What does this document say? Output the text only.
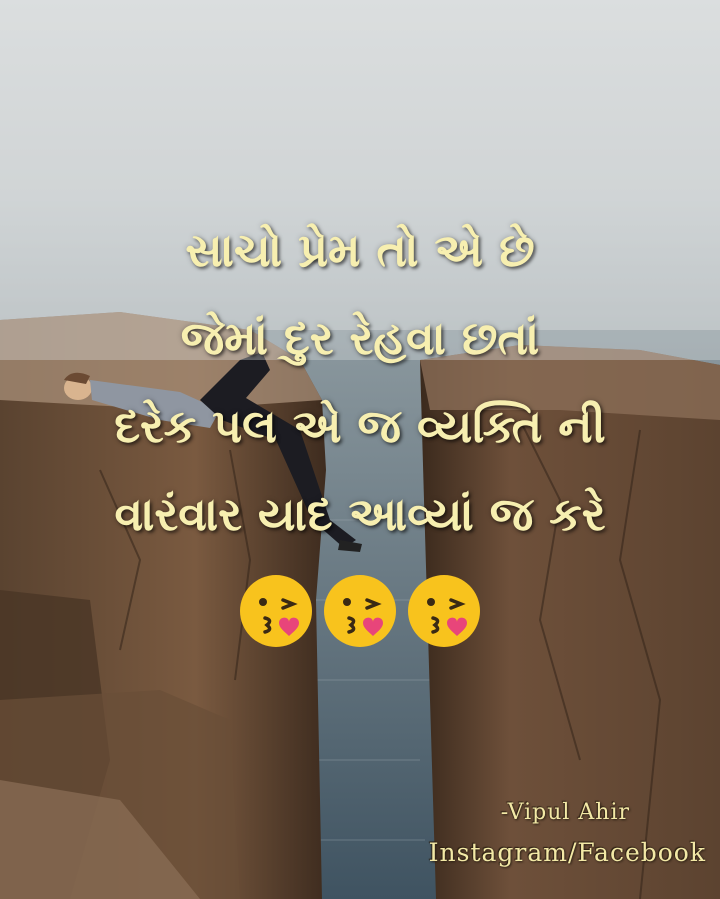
સાચો પ્રેમ તો એ છે
જેમાં દુર રેહવા છતાં
દરેક પલ એ જ વ્યક્તિ ની
વારંવાર યાદ આવ્યાં જ કરે

-Vipul Ahir
Instagram/Facebook
